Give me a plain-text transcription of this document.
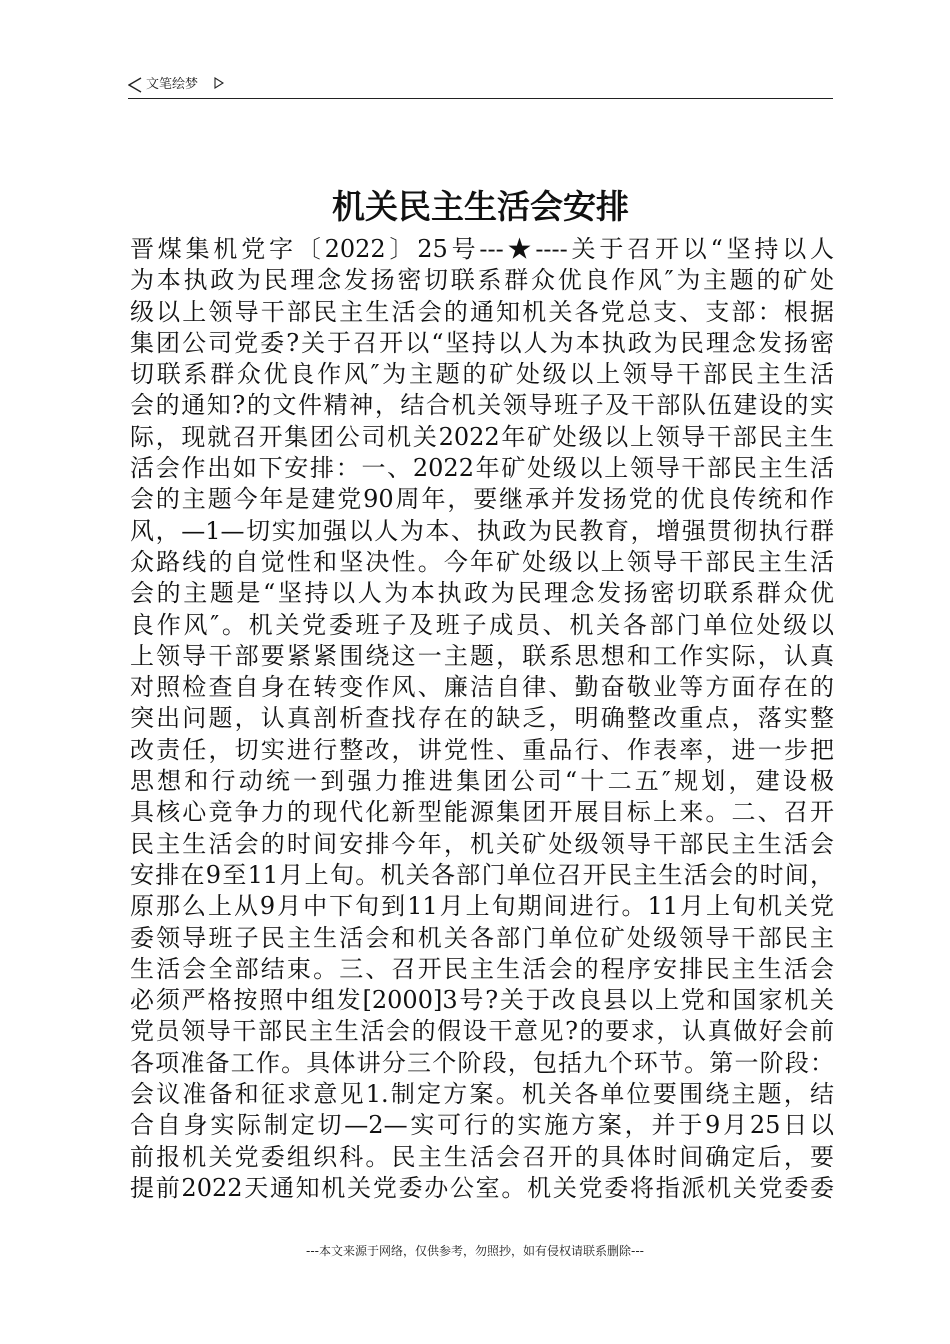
文笔绘梦
机关民主生活会安排
晋煤集机党字〔2022〕25号---★----关于召开以“坚持以人
为本执政为民理念发扬密切联系群众优良作风″为主题的矿处
级以上领导干部民主生活会的通知机关各党总支、支部：根据
集团公司党委?关于召开以“坚持以人为本执政为民理念发扬密
切联系群众优良作风″为主题的矿处级以上领导干部民主生活
会的通知?的文件精神，结合机关领导班子及干部队伍建设的实
际，现就召开集团公司机关2022年矿处级以上领导干部民主生
活会作出如下安排：一、2022年矿处级以上领导干部民主生活
会的主题今年是建党90周年，要继承并发扬党的优良传统和作
风，—1—切实加强以人为本、执政为民教育，增强贯彻执行群
众路线的自觉性和坚决性。今年矿处级以上领导干部民主生活
会的主题是“坚持以人为本执政为民理念发扬密切联系群众优
良作风″。机关党委班子及班子成员、机关各部门单位处级以
上领导干部要紧紧围绕这一主题，联系思想和工作实际，认真
对照检查自身在转变作风、廉洁自律、勤奋敬业等方面存在的
突出问题，认真剖析查找存在的缺乏，明确整改重点，落实整
改责任，切实进行整改，讲党性、重品行、作表率，进一步把
思想和行动统一到强力推进集团公司“十二五″规划，建设极
具核心竞争力的现代化新型能源集团开展目标上来。二、召开
民主生活会的时间安排今年，机关矿处级领导干部民主生活会
安排在9至11月上旬。机关各部门单位召开民主生活会的时间，
原那么上从9月中下旬到11月上旬期间进行。11月上旬机关党
委领导班子民主生活会和机关各部门单位矿处级领导干部民主
生活会全部结束。三、召开民主生活会的程序安排民主生活会
必须严格按照中组发[2000]3号?关于改良县以上党和国家机关
党员领导干部民主生活会的假设干意见?的要求，认真做好会前
各项准备工作。具体讲分三个阶段，包括九个环节。第一阶段：
会议准备和征求意见1.制定方案。机关各单位要围绕主题，结
合自身实际制定切—2—实可行的实施方案，并于9月25日以
前报机关党委组织科。民主生活会召开的具体时间确定后，要
提前2022天通知机关党委办公室。机关党委将指派机关党委委
---本文来源于网络，仅供参考，勿照抄，如有侵权请联系删除---
